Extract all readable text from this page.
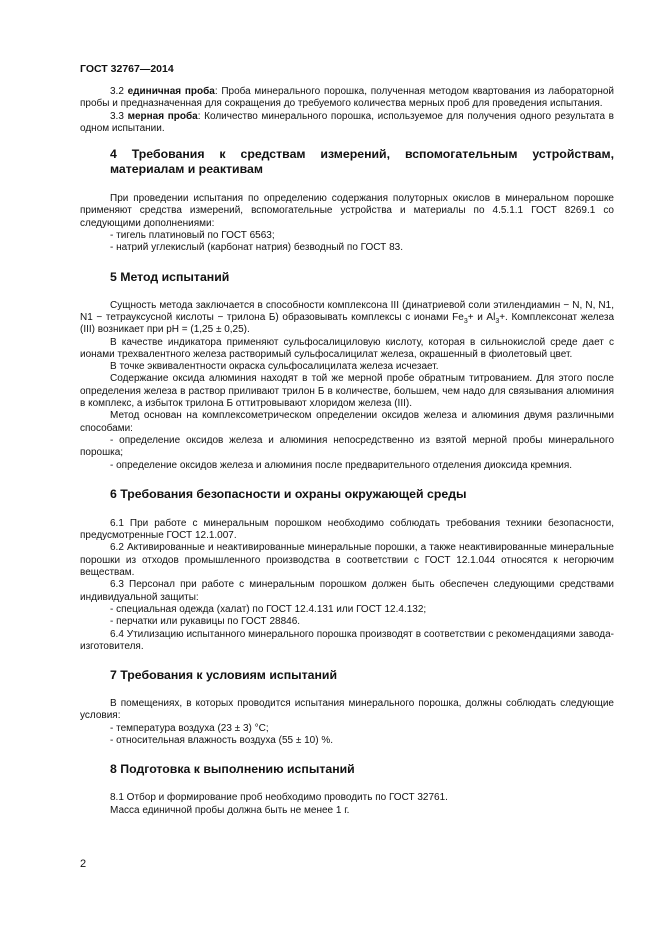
ГОСТ 32767—2014

3.2 единичная проба: Проба минерального порошка, полученная методом квартования из лабораторной пробы и предназначенная для сокращения до требуемого количества мерных проб для проведения испытания.

3.3 мерная проба: Количество минерального порошка, используемое для получения одного результата в одном испытании.

4 Требования к средствам измерений, вспомогательным устройствам, материалам и реактивам

При проведении испытания по определению содержания полуторных окислов в минеральном порошке применяют средства измерений, вспомогательные устройства и материалы по 4.5.1.1 ГОСТ 8269.1 со следующими дополнениями:

- тигель платиновый по ГОСТ 6563;

- натрий углекислый (карбонат натрия) безводный по ГОСТ 83.

5 Метод испытаний

Сущность метода заключается в способности комплексона III (динатриевой соли этилендиамин − N, N, N1, N1 − тетрауксусной кислоты − трилона Б) образовывать комплексы с ионами $Fe_3+ и$ $Al_3+$. Комплексонат железа (III) возникает при pH = (1,25 ± 0,25).

В качестве индикатора применяют сульфосалициловую кислоту, которая в сильнокислой среде дает с ионами трехвалентного железа растворимый сульфосалицилат железа, окрашенный в фиолетовый цвет.

В точке эквивалентности окраска сульфосалицилата железа исчезает.

Содержание оксида алюминия находят в той же мерной пробе обратным титрованием. Для этого после определения железа в раствор приливают трилон Б в количестве, большем, чем надо для связывания алюминия в комплекс, а избыток трилона Б оттитровывают хлоридом железа (III).

Метод основан на комплексометрическом определении оксидов железа и алюминия двумя различными способами:

- определение оксидов железа и алюминия непосредственно из взятой мерной пробы минерального порошка;

- определение оксидов железа и алюминия после предварительного отделения диоксида кремния.

6 Требования безопасности и охраны окружающей среды

6.1 При работе с минеральным порошком необходимо соблюдать требования техники безопасности, предусмотренные ГОСТ 12.1.007.

6.2 Активированные и неактивированные минеральные порошки, а также неактивированные минеральные порошки из отходов промышленного производства в соответствии с ГОСТ 12.1.044 относятся к негорючим веществам.

6.3 Персонал при работе с минеральным порошком должен быть обеспечен следующими средствами индивидуальной защиты:

- специальная одежда (халат) по ГОСТ 12.4.131 или ГОСТ 12.4.132;

- перчатки или рукавицы по ГОСТ 28846.

6.4 Утилизацию испытанного минерального порошка производят в соответствии с рекомендациями завода-изготовителя.

7 Требования к условиям испытаний

В помещениях, в которых проводится испытания минерального порошка, должны соблюдать следующие условия:

- температура воздуха (23 ± 3) °С;

- относительная влажность воздуха (55 ± 10) %.

8 Подготовка к выполнению испытаний

8.1 Отбор и формирование проб необходимо проводить по ГОСТ 32761.

Масса единичной пробы должна быть не менее 1 г.

2
